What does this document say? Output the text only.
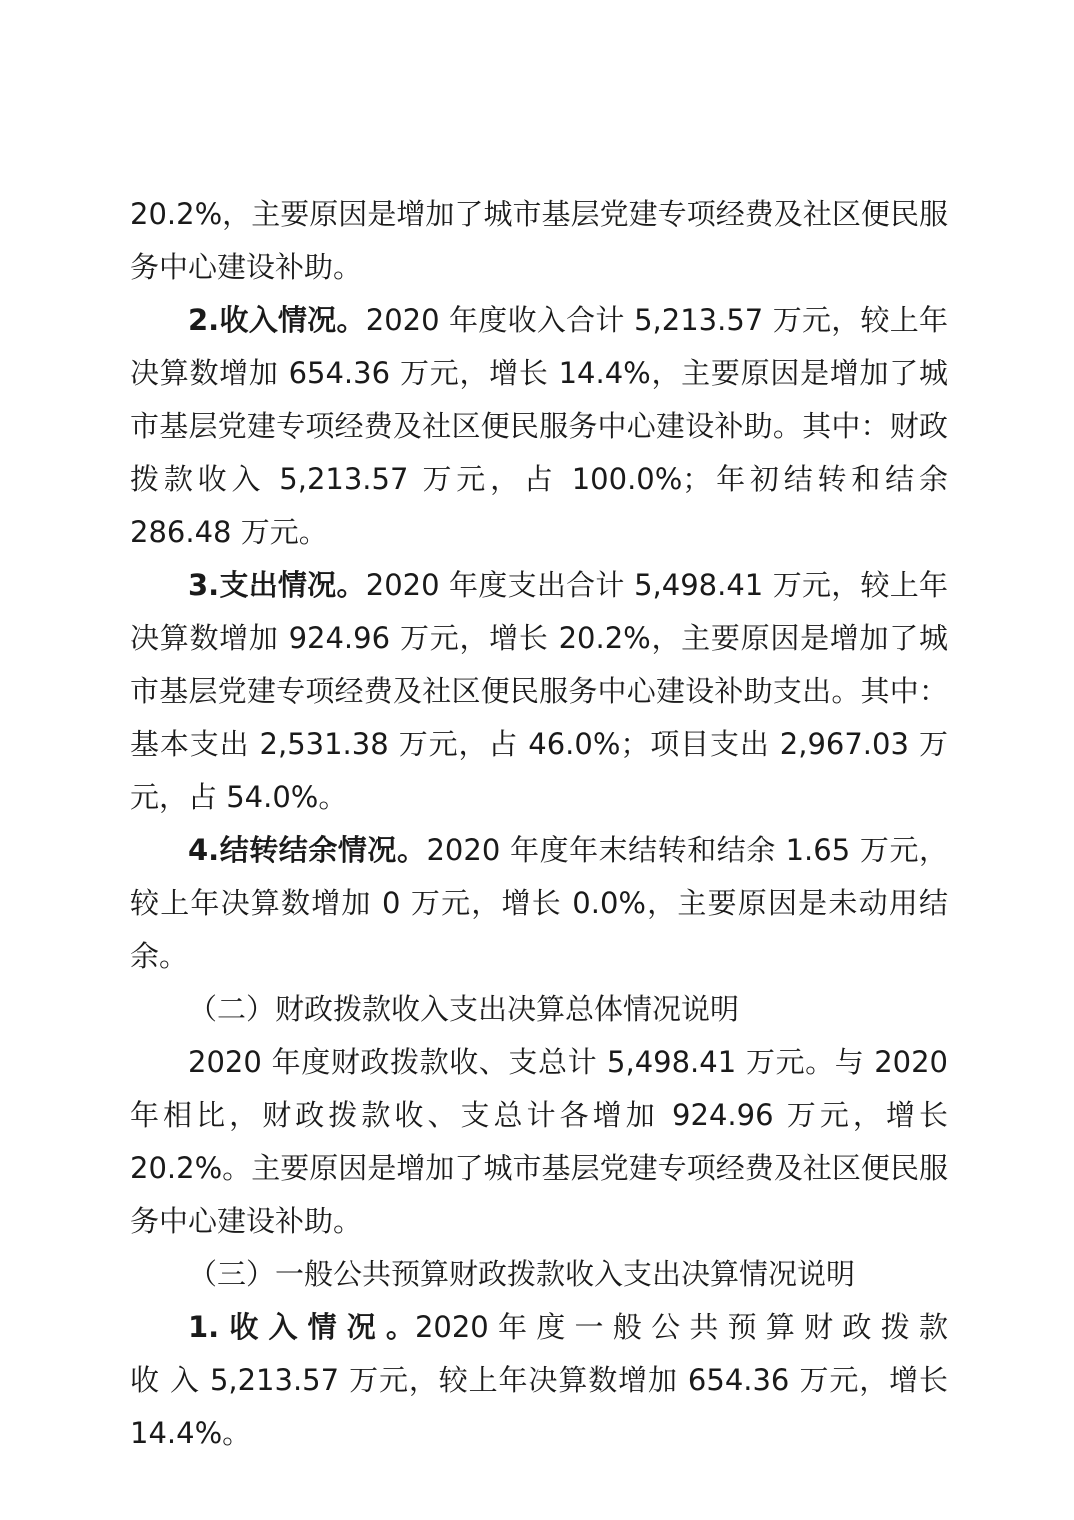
20.2%，主要原因是增加了城市基层党建专项经费及社区便民服务中心建设补助。

2.收入情况。2020 年度收入合计 5,213.57 万元，较上年决算数增加 654.36 万元，增长 14.4%，主要原因是增加了城市基层党建专项经费及社区便民服务中心建设补助。其中：财政拨款收入 5,213.57 万元，占 100.0%；年初结转和结余 286.48 万元。

3.支出情况。2020 年度支出合计 5,498.41 万元，较上年决算数增加 924.96 万元，增长 20.2%，主要原因是增加了城市基层党建专项经费及社区便民服务中心建设补助支出。其中：基本支出 2,531.38 万元，占 46.0%；项目支出 2,967.03 万元，占 54.0%。

4.结转结余情况。2020 年度年末结转和结余 1.65 万元，较上年决算数增加 0 万元，增长 0.0%，主要原因是未动用结余。

（二）财政拨款收入支出决算总体情况说明

2020 年度财政拨款收、支总计 5,498.41 万元。与 2020 年相比，财政拨款收、支总计各增加 924.96 万元，增长 20.2%。主要原因是增加了城市基层党建专项经费及社区便民服务中心建设补助。

（三）一般公共预算财政拨款收入支出决算情况说明

1. 收 入 情 况 。2020 年 度 一 般 公 共 预 算 财 政 拨 款 收 入 5,213.57 万元，较上年决算数增加 654.36 万元，增长 14.4%。
